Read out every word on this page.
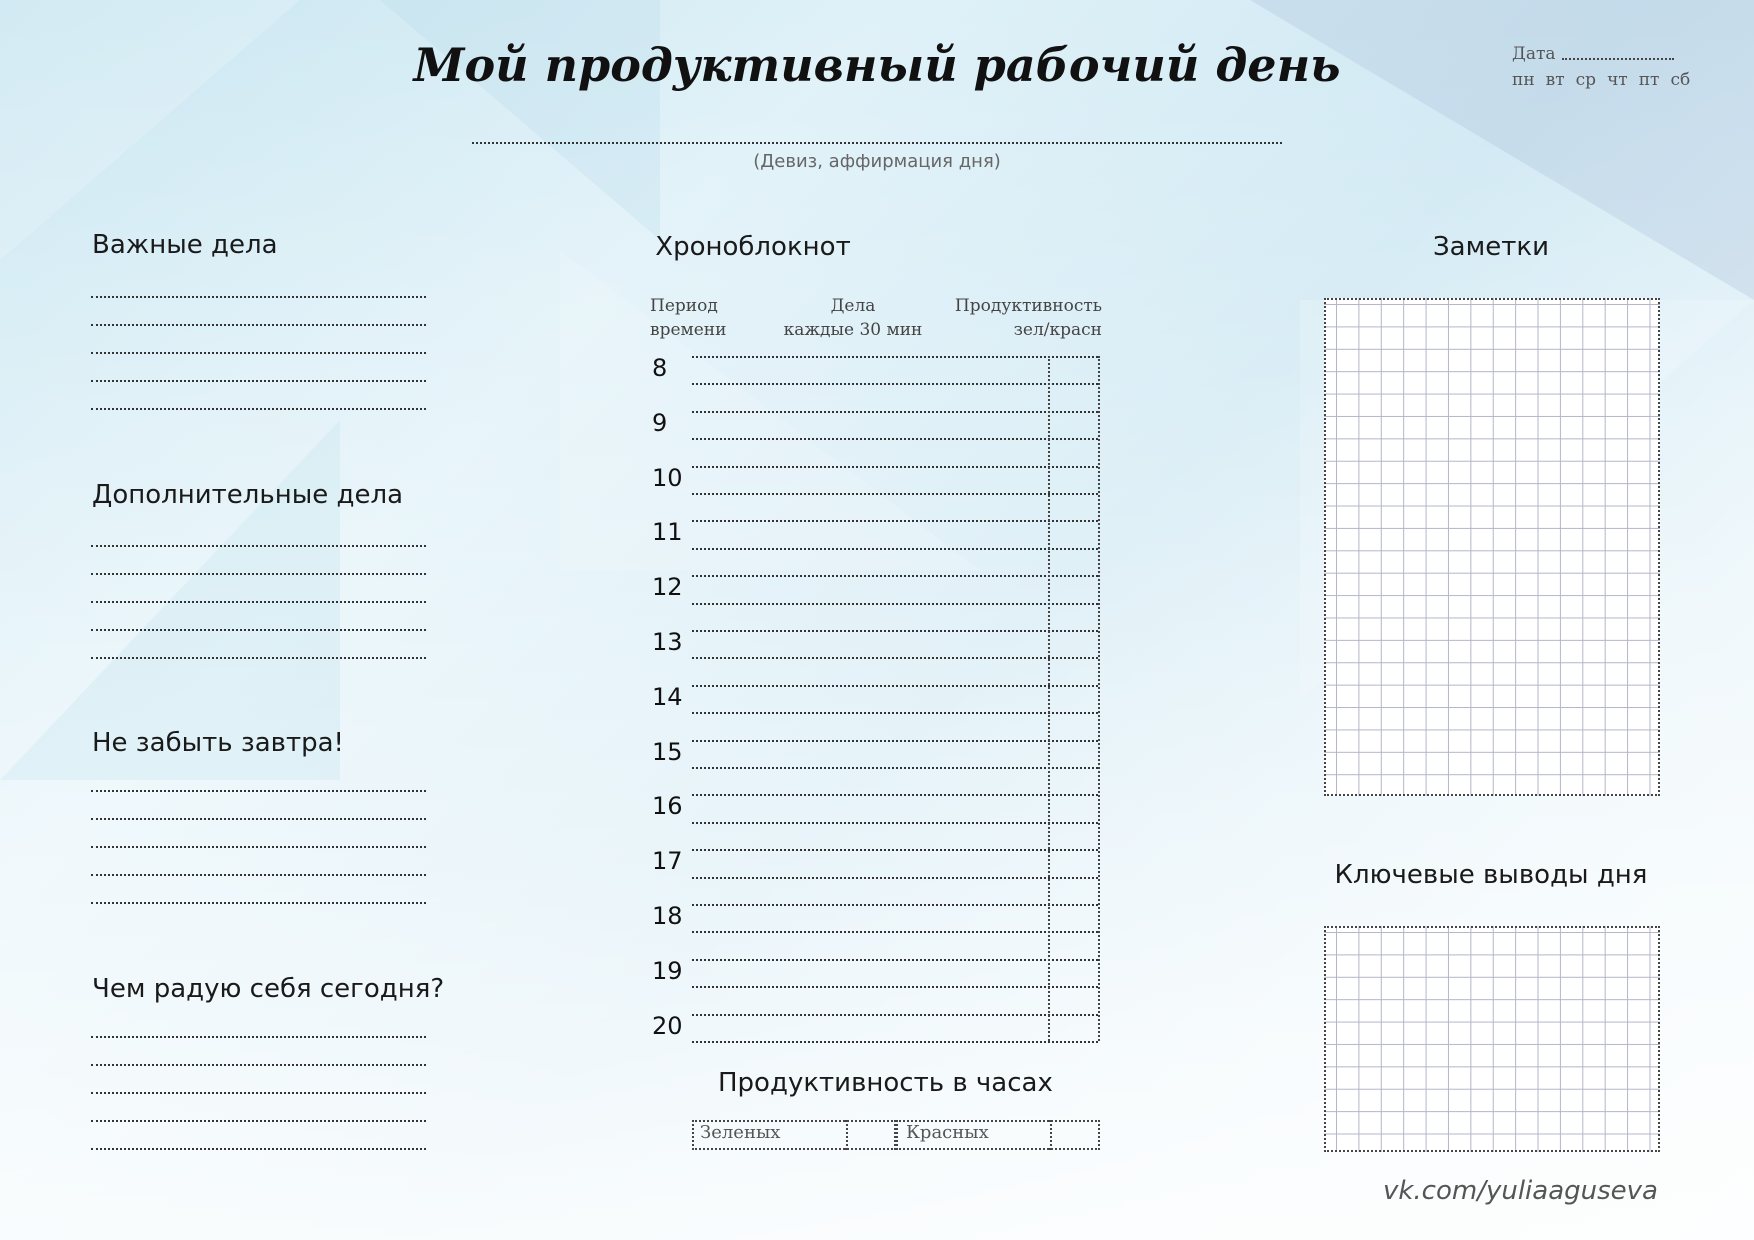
Мой продуктивный рабочий день
(Девиз, аффирмация дня)
Дата
пн вт ср чт пт сб
Важные дела
Дополнительные дела
Не забыть завтра!
Чем радую себя сегодня?
Хроноблокнот
Период
времени
Дела
каждые 30 мин
Продуктивность
зел/красн
8
9
10
11
12
13
14
15
16
17
18
19
20
Продуктивность в часах
Зеленых	Красных
Заметки
Ключевые выводы дня
vk.com/yuliaaguseva
